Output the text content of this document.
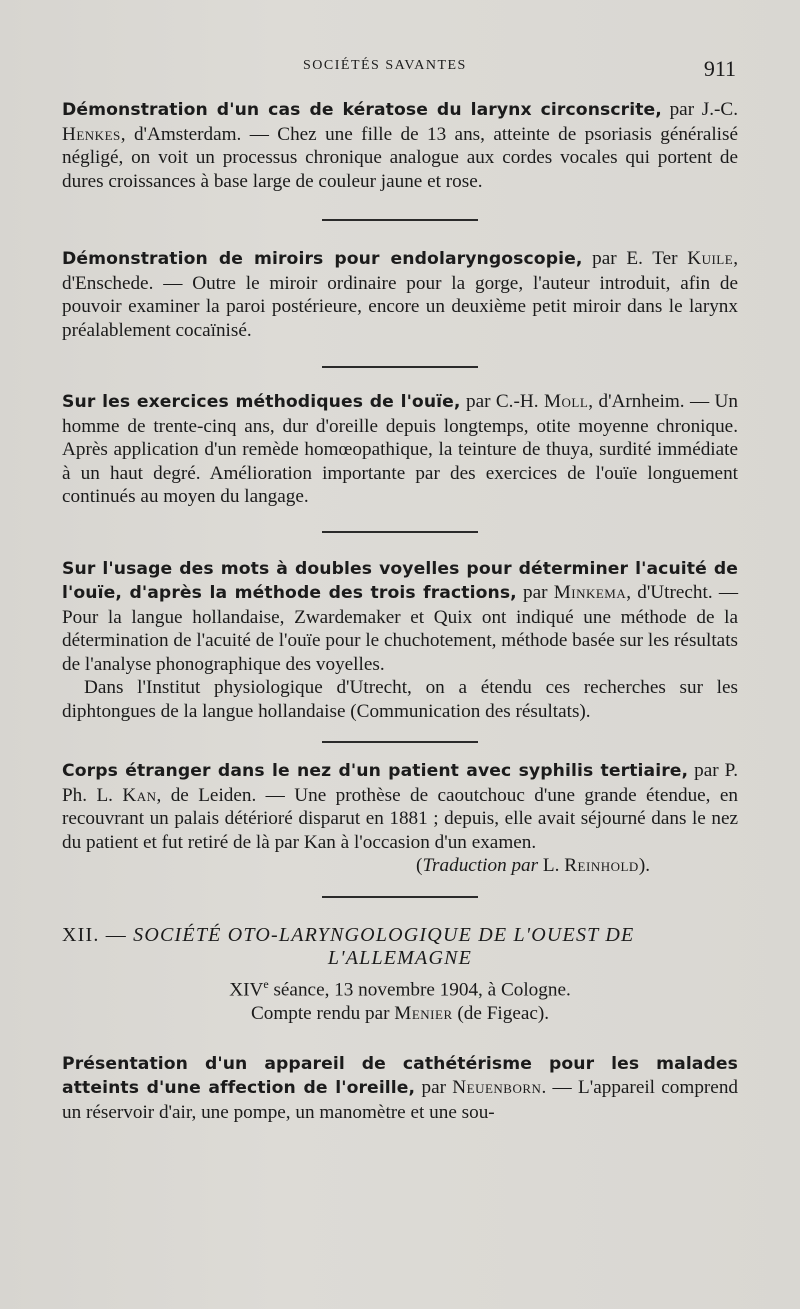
SOCIÉTÉS SAVANTES	911

Démonstration d'un cas de kératose du larynx circonscrite, par J.-C. Henkes, d'Amsterdam. — Chez une fille de 13 ans, atteinte de psoriasis généralisé négligé, on voit un processus chronique analogue aux cordes vocales qui portent de dures croissances à base large de couleur jaune et rose.

Démonstration de miroirs pour endolaryngoscopie, par E. Ter Kuile, d'Enschede. — Outre le miroir ordinaire pour la gorge, l'auteur introduit, afin de pouvoir examiner la paroi postérieure, encore un deuxième petit miroir dans le larynx préalablement cocaïnisé.

Sur les exercices méthodiques de l'ouïe, par C.-H. Moll, d'Arnheim. — Un homme de trente-cinq ans, dur d'oreille depuis longtemps, otite moyenne chronique. Après application d'un remède homœopathique, la teinture de thuya, surdité immédiate à un haut degré. Amélioration importante par des exercices de l'ouïe longuement continués au moyen du langage.

Sur l'usage des mots à doubles voyelles pour déterminer l'acuité de l'ouïe, d'après la méthode des trois fractions, par Minkema, d'Utrecht. — Pour la langue hollandaise, Zwardemaker et Quix ont indiqué une méthode de la détermination de l'acuité de l'ouïe pour le chuchotement, méthode basée sur les résultats de l'analyse phonographique des voyelles.

Dans l'Institut physiologique d'Utrecht, on a étendu ces recherches sur les diphtongues de la langue hollandaise (Communication des résultats).

Corps étranger dans le nez d'un patient avec syphilis tertiaire, par P. Ph. L. Kan, de Leiden. — Une prothèse de caoutchouc d'une grande étendue, en recouvrant un palais détérioré disparut en 1881 ; depuis, elle avait séjourné dans le nez du patient et fut retiré de là par Kan à l'occasion d'un examen.

(Traduction par L. Reinhold).

XII. — SOCIÉTÉ OTO-LARYNGOLOGIQUE DE L'OUEST DE

L'ALLEMAGNE

XIVe séance, 13 novembre 1904, à Cologne.

Compte rendu par Menier (de Figeac).

Présentation d'un appareil de cathétérisme pour les malades atteints d'une affection de l'oreille, par Neuenborn. — L'appareil comprend un réservoir d'air, une pompe, un manomètre et une sou-
